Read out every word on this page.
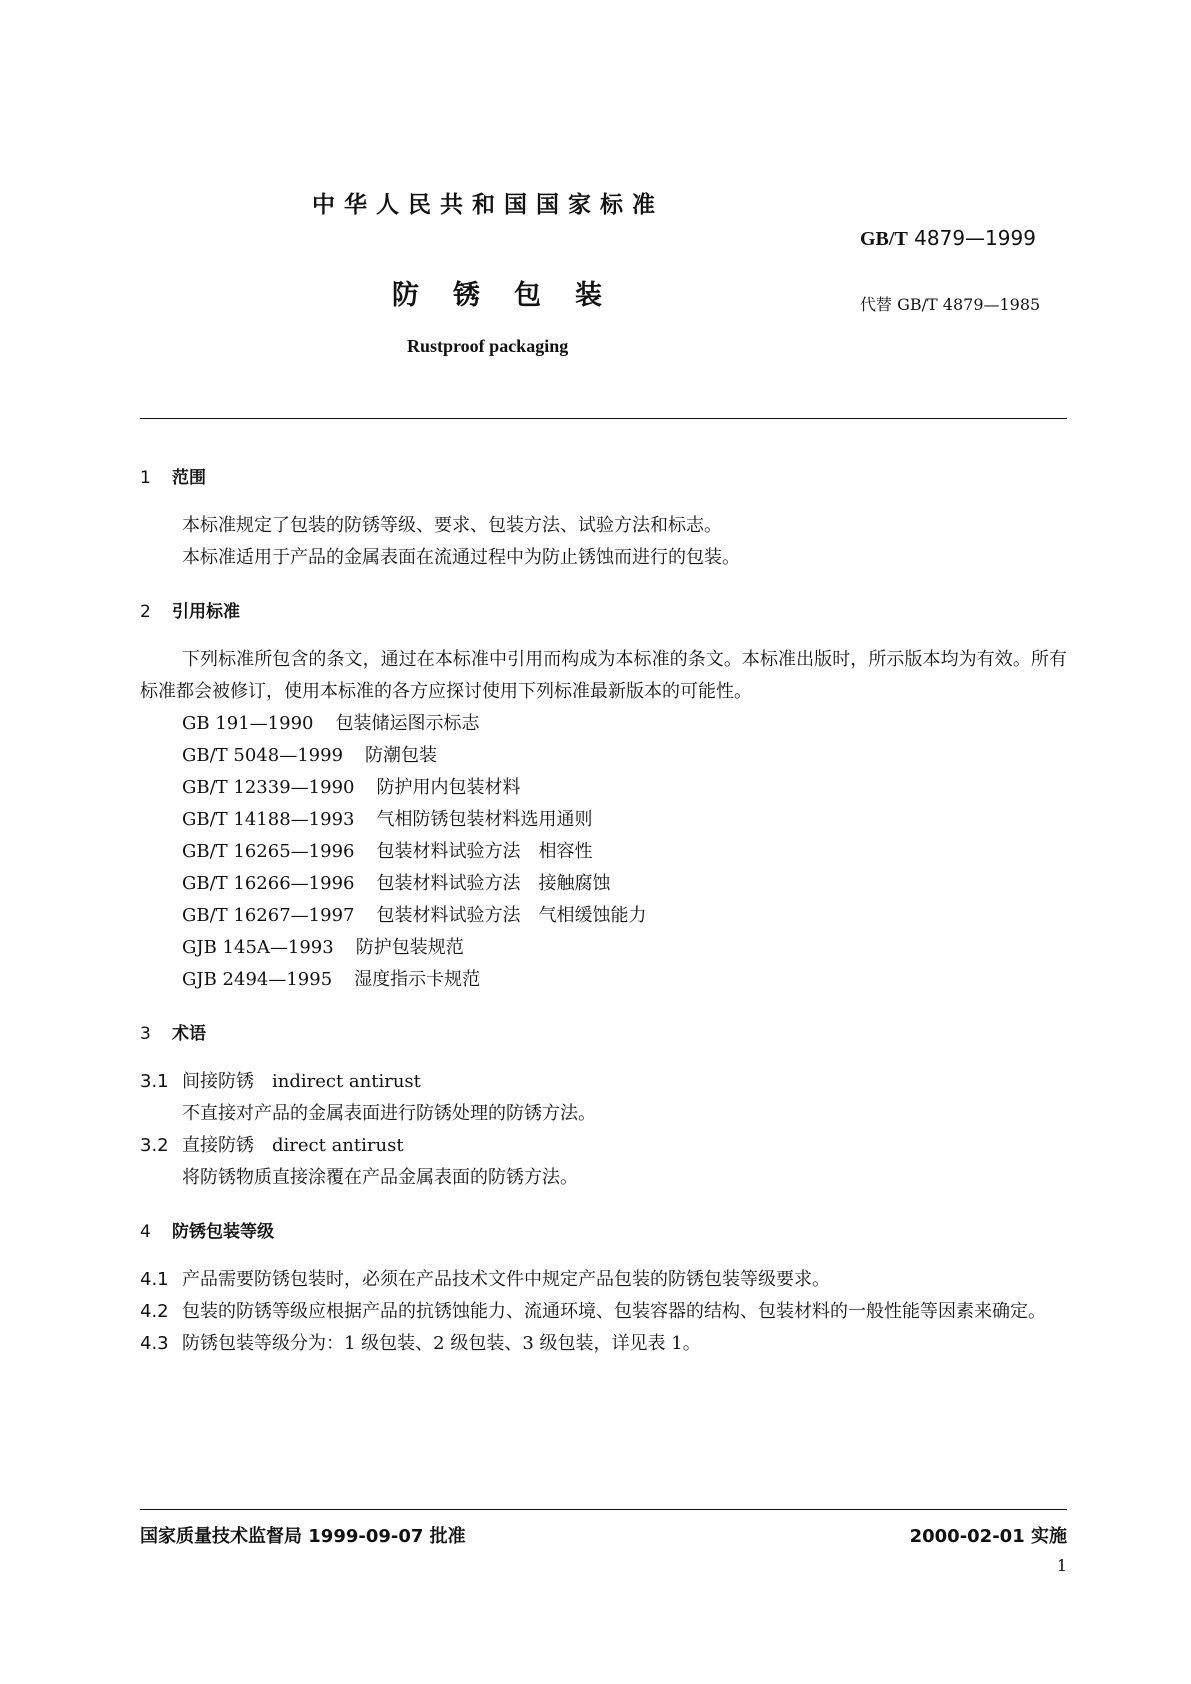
中华人民共和国国家标准
GB/T 4879—1999
防锈包装	代替 GB/T 4879—1985
Rustproof packaging

1 范围

本标准规定了包装的防锈等级、要求、包装方法、试验方法和标志。

本标准适用于产品的金属表面在流通过程中为防止锈蚀而进行的包装。

2 引用标准

下列标准所包含的条文，通过在本标准中引用而构成为本标准的条文。本标准出版时，所示版本均为有效。所有标准都会被修订，使用本标准的各方应探讨使用下列标准最新版本的可能性。

GB 191—1990 包装储运图示标志

GB/T 5048—1999 防潮包装

GB/T 12339—1990 防护用内包装材料

GB/T 14188—1993 气相防锈包装材料选用通则

GB/T 16265—1996 包装材料试验方法　相容性

GB/T 16266—1996 包装材料试验方法　接触腐蚀

GB/T 16267—1997 包装材料试验方法　气相缓蚀能力

GJB 145A—1993 防护包装规范

GJB 2494—1995 湿度指示卡规范

3 术语

3.1 间接防锈 indirect antirust

不直接对产品的金属表面进行防锈处理的防锈方法。

3.2 直接防锈 direct antirust

将防锈物质直接涂覆在产品金属表面的防锈方法。

4 防锈包装等级

4.1 产品需要防锈包装时，必须在产品技术文件中规定产品包装的防锈包装等级要求。

4.2 包装的防锈等级应根据产品的抗锈蚀能力、流通环境、包装容器的结构、包装材料的一般性能等因素来确定。

4.3 防锈包装等级分为：1 级包装、2 级包装、3 级包装，详见表 1。

国家质量技术监督局 1999-09-07 批准	2000-02-01 实施
1
